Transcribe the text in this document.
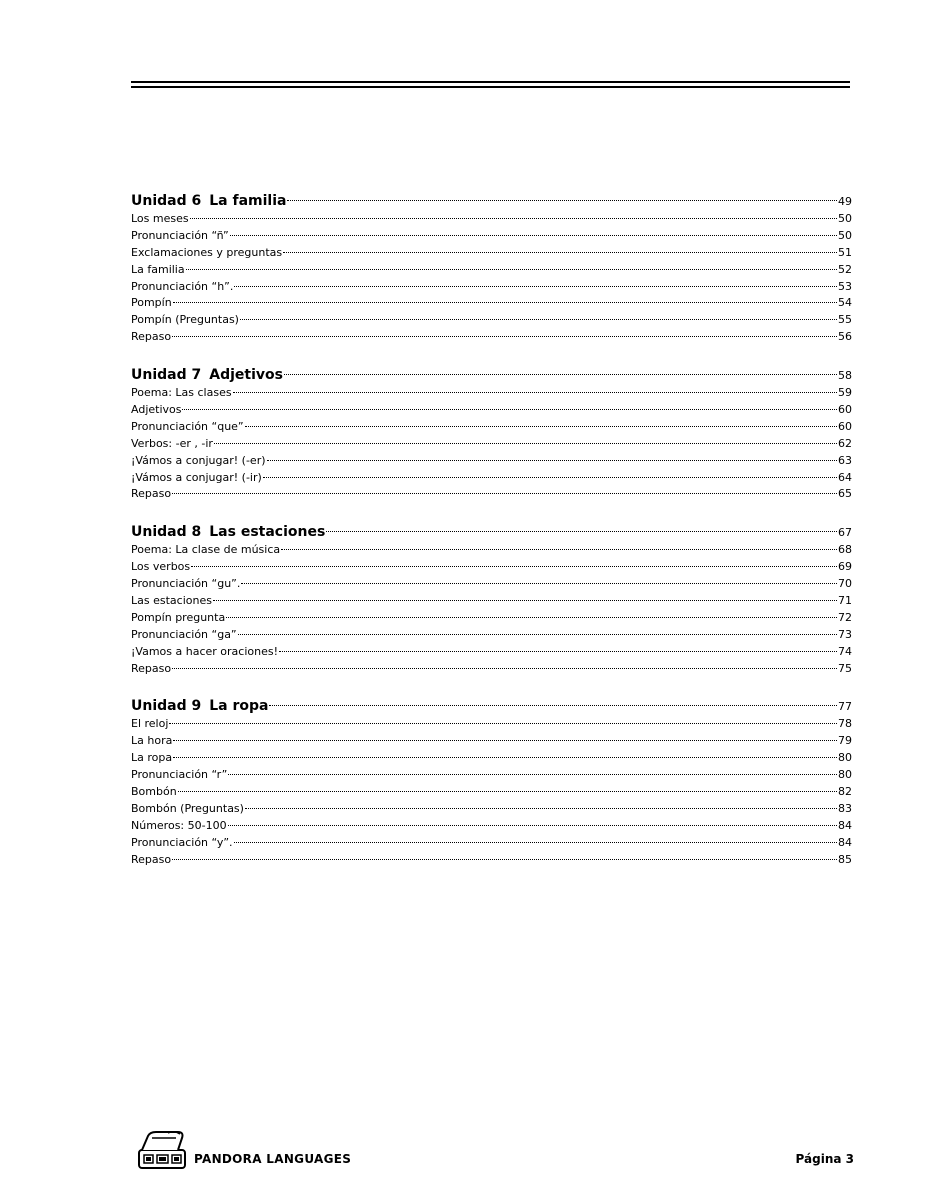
Unidad 6 La familia	49
Los meses	50
Pronunciación “ñ”	50
Exclamaciones y preguntas	51
La familia	52
Pronunciación “h”.	53
Pompín	54
Pompín (Preguntas)	55
Repaso	56
Unidad 7 Adjetivos	58
Poema: Las clases	59
Adjetivos	60
Pronunciación “que”	60
Verbos: -er , -ir	62
¡Vámos a conjugar! (-er)	63
¡Vámos a conjugar! (-ir)	64
Repaso	65
Unidad 8 Las estaciones	67
Poema: La clase de música	68
Los verbos	69
Pronunciación “gu”.	70
Las estaciones	71
Pompín pregunta	72
Pronunciación “ga”	73
¡Vamos a hacer oraciones!	74
Repaso	75
Unidad 9 La ropa	77
El reloj	78
La hora	79
La ropa	80
Pronunciación “r”	80
Bombón	82
Bombón (Preguntas)	83
Números: 50-100	84
Pronunciación “y”.	84
Repaso	85
PANDORA LANGUAGES	Página 3
